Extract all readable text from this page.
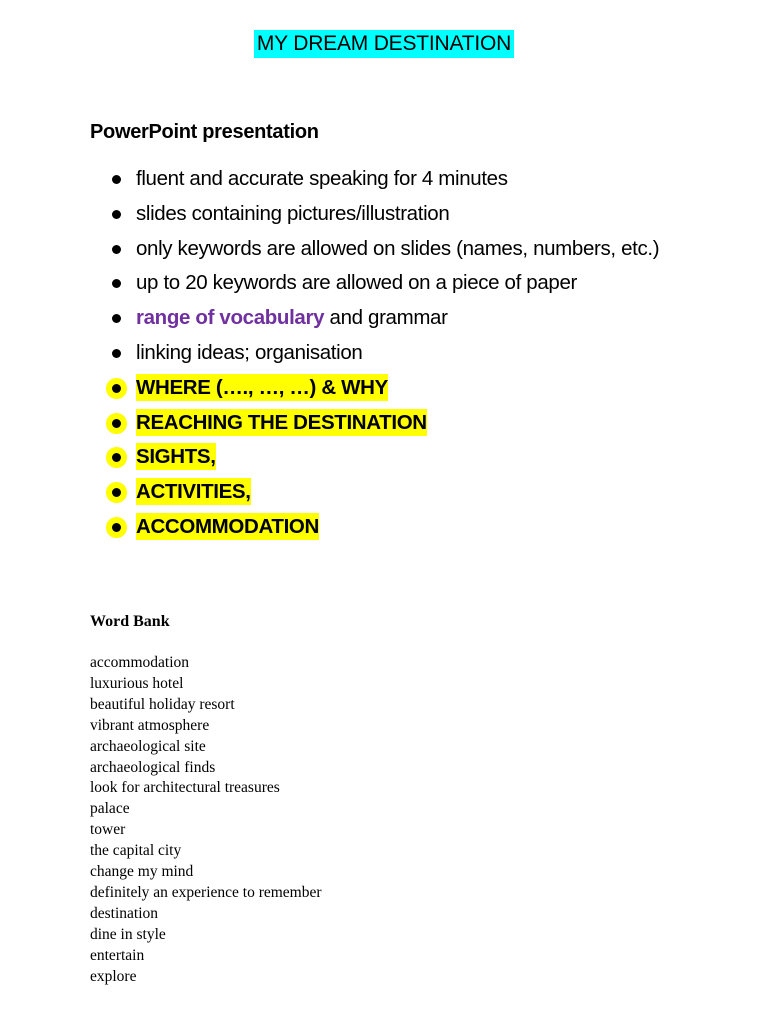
MY DREAM DESTINATION
PowerPoint presentation
fluent and accurate speaking for 4 minutes
slides containing pictures/illustration
only keywords are allowed on slides (names, numbers, etc.)
up to 20 keywords are allowed on a piece of paper
range of vocabulary and grammar
linking ideas; organisation
WHERE (…., …, …) & WHY
REACHING THE DESTINATION
SIGHTS,
ACTIVITIES,
ACCOMMODATION
Word Bank
accommodation
luxurious hotel
beautiful holiday resort
vibrant atmosphere
archaeological site
archaeological finds
look for architectural treasures
palace
tower
the capital city
change my mind
definitely an experience to remember
destination
dine in style
entertain
explore
